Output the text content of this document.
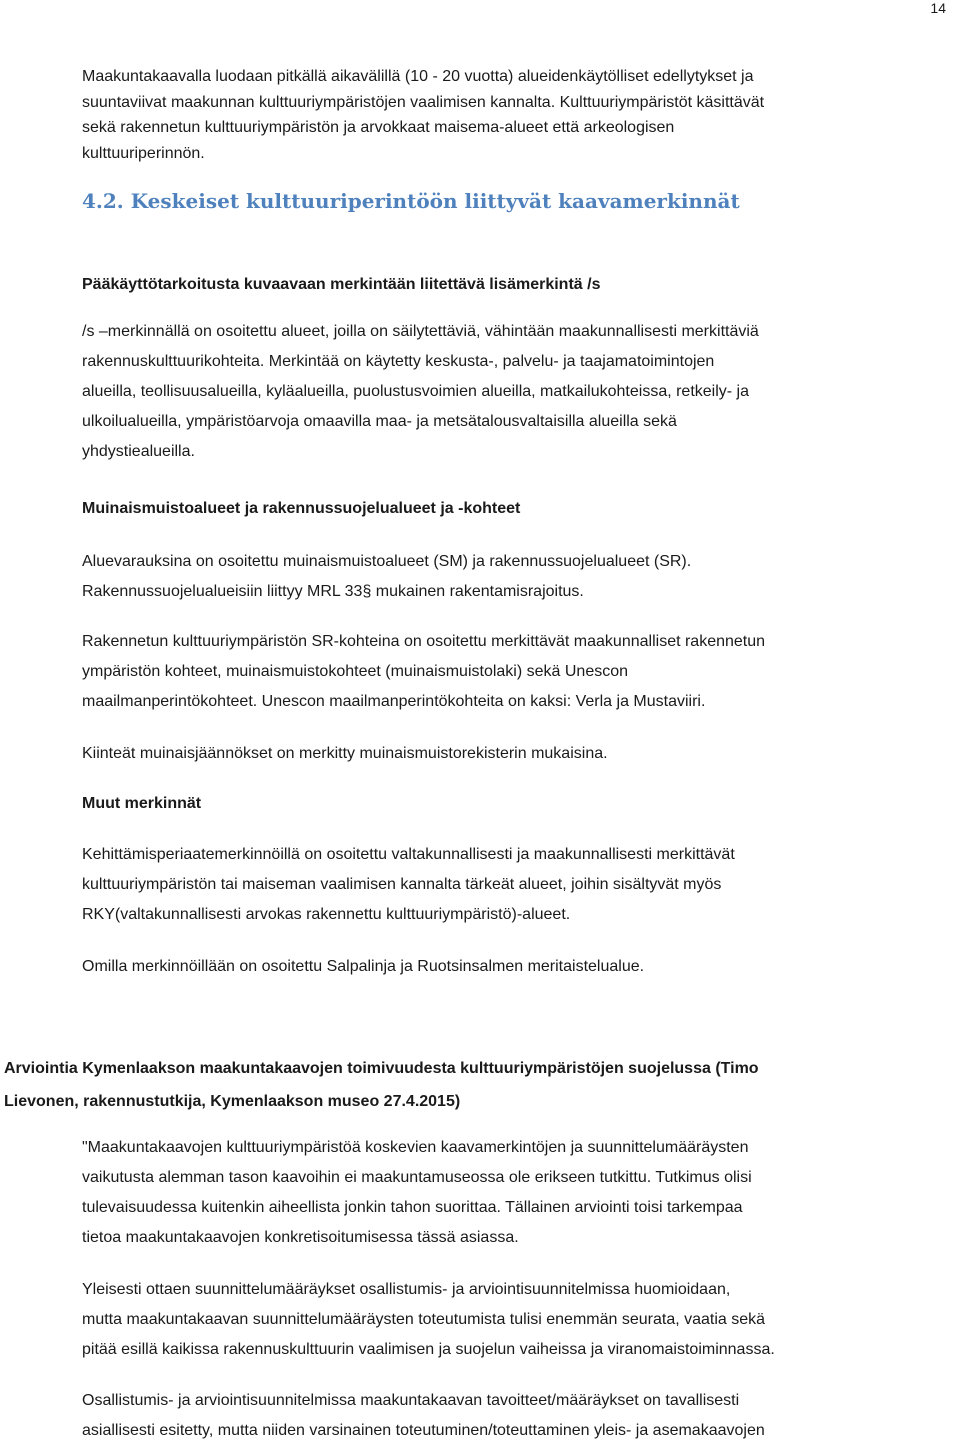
14
Maakuntakaavalla luodaan pitkällä aikavälillä (10 - 20 vuotta) alueidenkäytölliset edellytykset ja
suuntaviivat maakunnan kulttuuriympäristöjen vaalimisen kannalta. Kulttuuriympäristöt käsittävät
sekä rakennetun kulttuuriympäristön ja arvokkaat maisema-alueet että arkeologisen
kulttuuriperinnön.
4.2. Keskeiset kulttuuriperintöön liittyvät kaavamerkinnät
Pääkäyttötarkoitusta kuvaavaan merkintään liitettävä lisämerkintä /s
/s –merkinnällä on osoitettu alueet, joilla on säilytettäviä, vähintään maakunnallisesti merkittäviä
rakennuskulttuurikohteita. Merkintää on käytetty keskusta-, palvelu- ja taajamatoimintojen
alueilla, teollisuusalueilla, kyläalueilla, puolustusvoimien alueilla, matkailukohteissa, retkeily- ja
ulkoilualueilla, ympäristöarvoja omaavilla maa- ja metsätalousvaltaisilla alueilla sekä
yhdystiealueilla.
Muinaismuistoalueet ja rakennussuojelualueet ja -kohteet
Aluevarauksina on osoitettu muinaismuistoalueet (SM) ja rakennussuojelualueet (SR).
Rakennussuojelualueisiin liittyy MRL 33§ mukainen rakentamisrajoitus.
Rakennetun kulttuuriympäristön SR-kohteina on osoitettu merkittävät maakunnalliset rakennetun
ympäristön kohteet, muinaismuistokohteet (muinaismuistolaki) sekä Unescon
maailmanperintökohteet. Unescon maailmanperintökohteita on kaksi: Verla ja Mustaviiri.
Kiinteät muinaisjäännökset on merkitty muinaismuistorekisterin mukaisina.
Muut merkinnät
Kehittämisperiaatemerkinnöillä on osoitettu valtakunnallisesti ja maakunnallisesti merkittävät
kulttuuriympäristön tai maiseman vaalimisen kannalta tärkeät alueet, joihin sisältyvät myös
RKY(valtakunnallisesti arvokas rakennettu kulttuuriympäristö)-alueet.
Omilla merkinnöillään on osoitettu Salpalinja ja Ruotsinsalmen meritaistelualue.
Arviointia Kymenlaakson maakuntakaavojen toimivuudesta kulttuuriympäristöjen suojelussa (Timo
Lievonen, rakennustutkija, Kymenlaakson museo 27.4.2015)
"Maakuntakaavojen kulttuuriympäristöä koskevien kaavamerkintöjen ja suunnittelumääräysten
vaikutusta alemman tason kaavoihin ei maakuntamuseossa ole erikseen tutkittu. Tutkimus olisi
tulevaisuudessa kuitenkin aiheellista jonkin tahon suorittaa. Tällainen arviointi toisi tarkempaa
tietoa maakuntakaavojen konkretisoitumisessa tässä asiassa.
Yleisesti ottaen suunnittelumääräykset osallistumis- ja arviointisuunnitelmissa huomioidaan,
mutta maakuntakaavan suunnittelumääräysten toteutumista tulisi enemmän seurata, vaatia sekä
pitää esillä kaikissa rakennuskulttuurin vaalimisen ja suojelun vaiheissa ja viranomaistoiminnassa.
Osallistumis- ja arviointisuunnitelmissa maakuntakaavan tavoitteet/määräykset on tavallisesti
asiallisesti esitetty, mutta niiden varsinainen toteutuminen/toteuttaminen yleis- ja asemakaavojen
